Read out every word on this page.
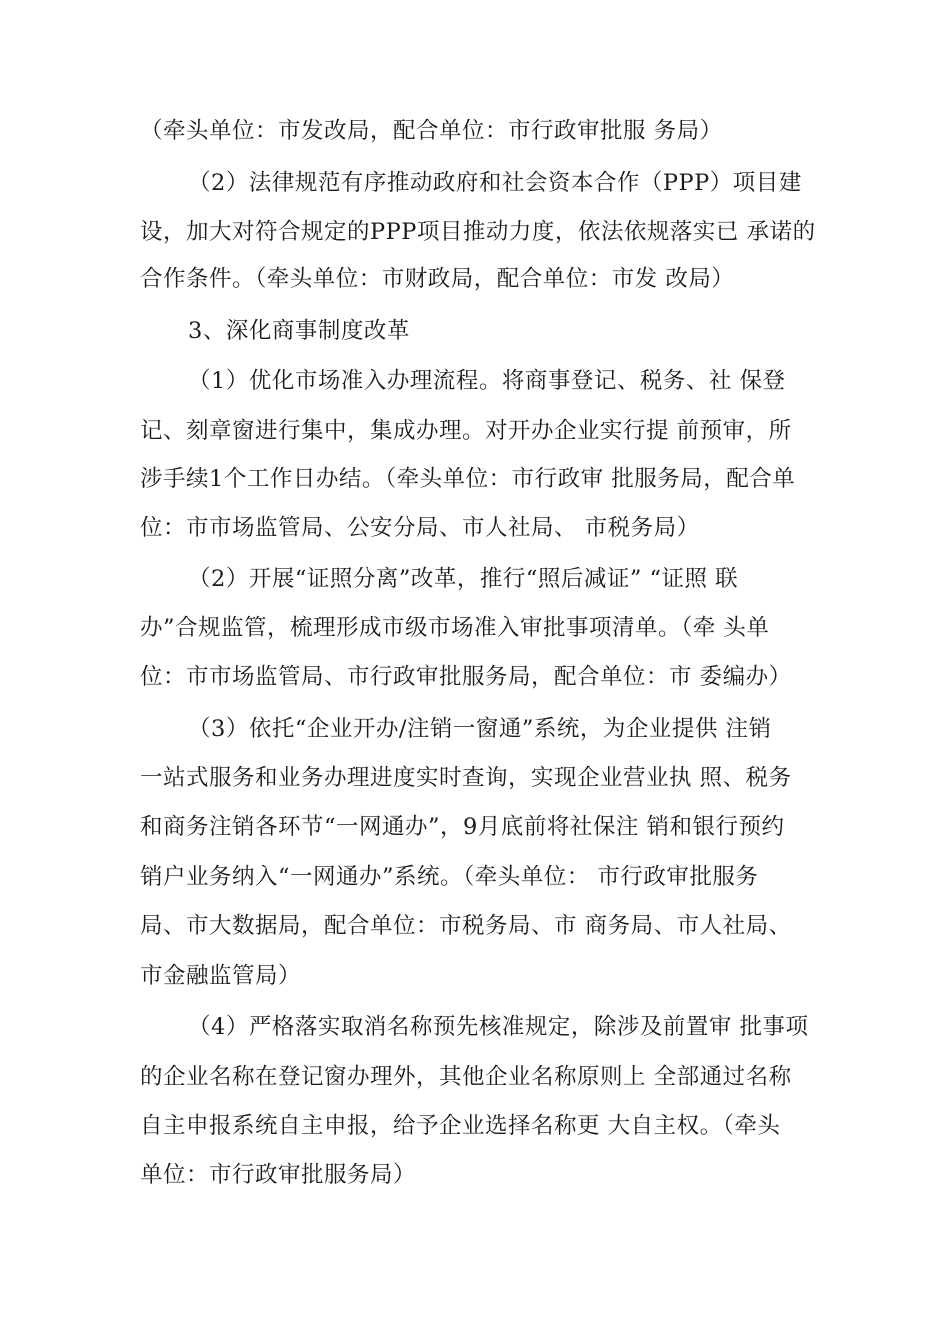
（牵头单位：市发改局，配合单位：市行政审批服 务局）
（2）法律规范有序推动政府和社会资本合作（PPP）项目建
设，加大对符合规定的PPP项目推动力度，依法依规落实已 承诺的
合作条件。（牵头单位：市财政局，配合单位：市发 改局）
3、深化商事制度改革
（1）优化市场准入办理流程。将商事登记、税务、社 保登
记、刻章窗进行集中，集成办理。对开办企业实行提 前预审，所
涉手续1个工作日办结。（牵头单位：市行政审 批服务局，配合单
位：市市场监管局、公安分局、市人社局、 市税务局）
（2）开展“证照分离”改革，推行“照后减证” “证照 联
办”合规监管，梳理形成市级市场准入审批事项清单。（牵 头单
位：市市场监管局、市行政审批服务局，配合单位：市 委编办）
（3）依托“企业开办/注销一窗通”系统，为企业提供 注销
一站式服务和业务办理进度实时查询，实现企业营业执 照、税务
和商务注销各环节“一网通办”，9月底前将社保注 销和银行预约
销户业务纳入“一网通办”系统。（牵头单位： 市行政审批服务
局、市大数据局，配合单位：市税务局、市 商务局、市人社局、
市金融监管局）
（4）严格落实取消名称预先核准规定，除涉及前置审 批事项
的企业名称在登记窗办理外，其他企业名称原则上 全部通过名称
自主申报系统自主申报，给予企业选择名称更 大自主权。（牵头
单位：市行政审批服务局）
